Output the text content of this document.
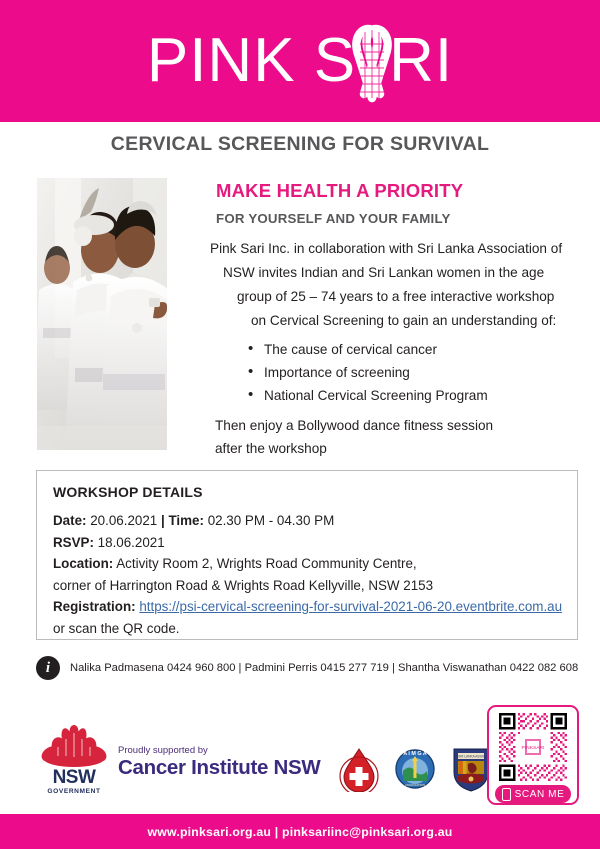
PINK S RI
CERVICAL SCREENING FOR SURVIVAL
MAKE HEALTH A PRIORITY
FOR YOURSELF AND YOUR FAMILY
Pink Sari Inc. in collaboration with Sri Lanka Association of
NSW invites Indian and Sri Lankan women in the age
group of 25 – 74 years to a free interactive workshop
on Cervical Screening to gain an understanding of:
• The cause of cervical cancer
• Importance of screening
• National Cervical Screening Program
Then enjoy a Bollywood dance fitness session
after the workshop
WORKSHOP DETAILS
Date: 20.06.2021 | Time: 02.30 PM - 04.30 PM
RSVP: 18.06.2021
Location: Activity Room 2, Wrights Road Community Centre,
corner of Harrington Road & Wrights Road Kellyville, NSW 2153
Registration: https://psi-cervical-screening-for-survival-2021-06-20.eventbrite.com.au
or scan the QR code.
i	Nalika Padmasena 0424 960 800 | Padmini Perris 0415 277 719 | Shantha Viswanathan 0422 082 608
NSW
GOVERNMENT
Proudly supported by
Cancer Institute NSW
A I M G A
ASSOCIATION
SRI LANKA ASSN
PINKSARI
SCAN ME
www.pinksari.org.au | pinksariinc@pinksari.org.au
